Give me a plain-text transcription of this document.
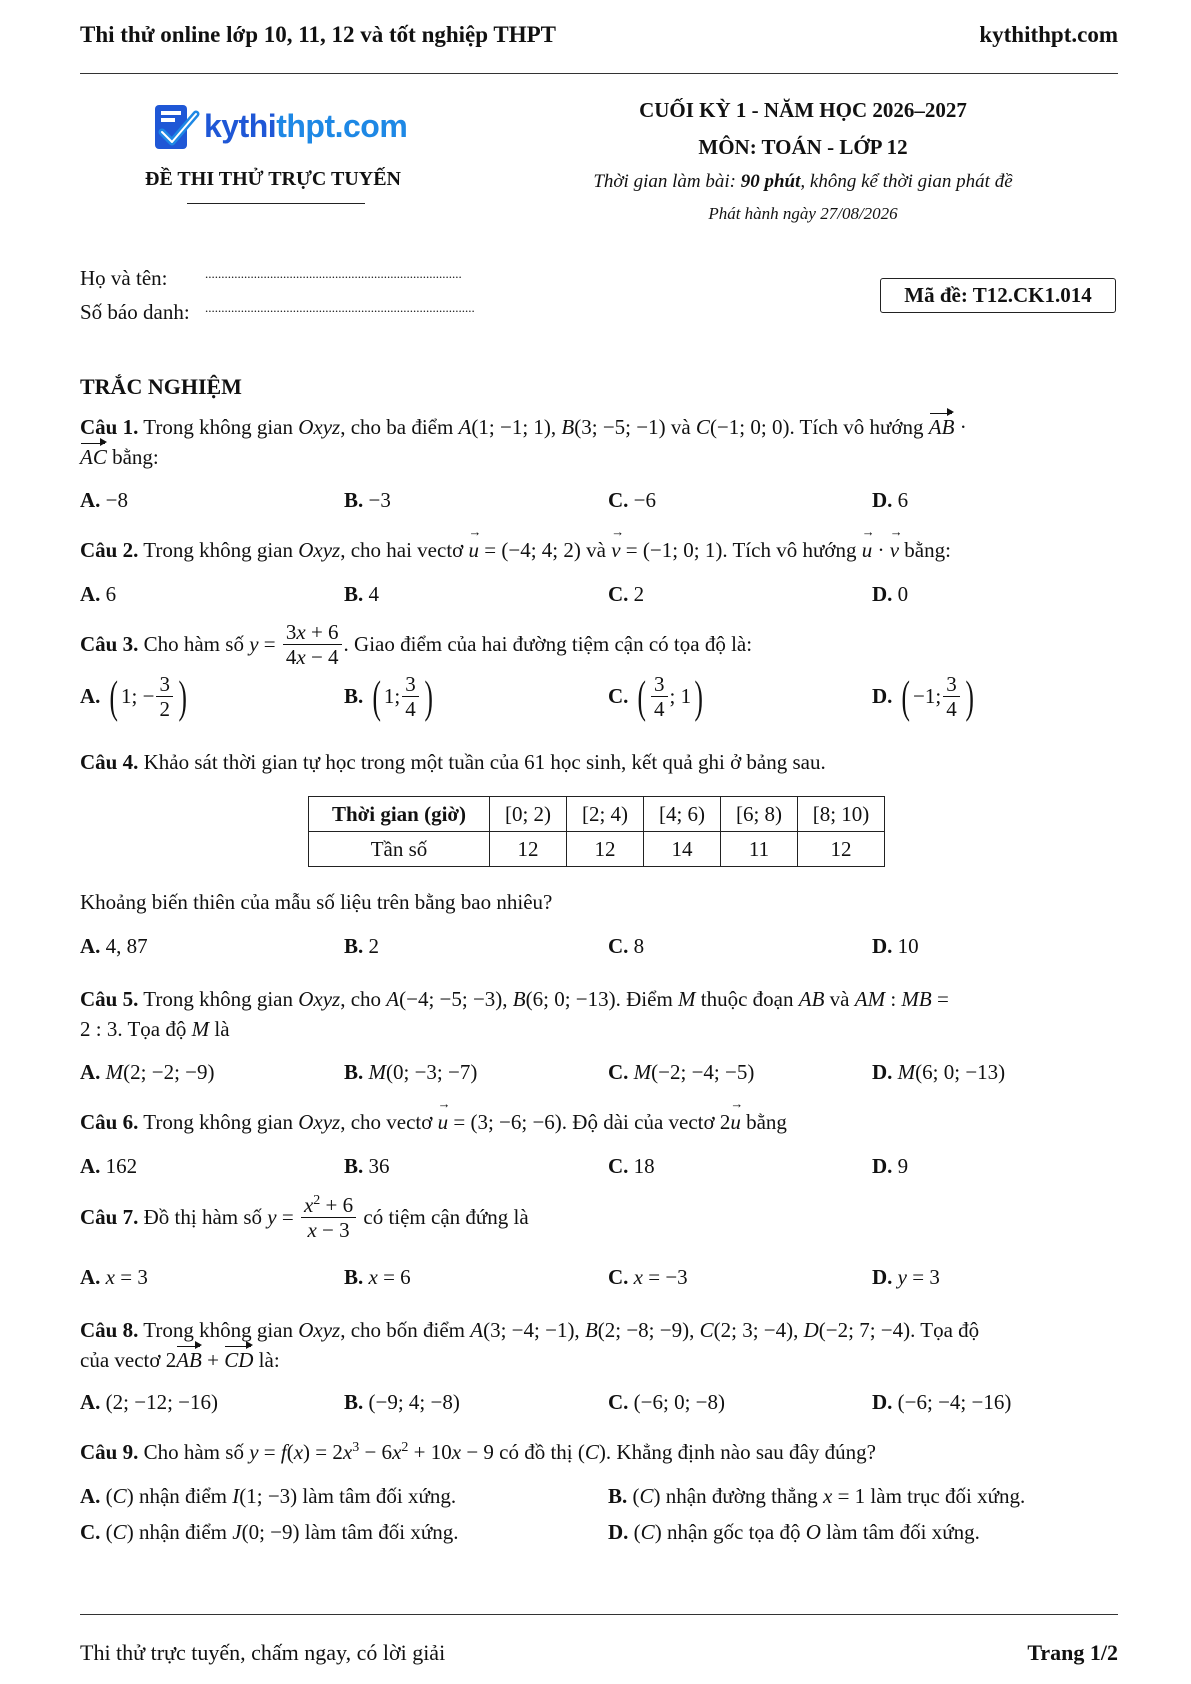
Thi thử online lớp 10, 11, 12 và tốt nghiệp THPT	kythithpt.com
kythithpt.com
ĐỀ THI THỬ TRỰC TUYẾN
CUỐI KỲ 1 - NĂM HỌC 2026–2027
MÔN: TOÁN - LỚP 12
Thời gian làm bài: 90 phút, không kể thời gian phát đề
Phát hành ngày 27/08/2026
Họ và tên:	...............................................................................
Số báo danh: ...................................................................................
Mã đề: T12.CK1.014
TRẮC NGHIỆM
Câu 1. Trong không gian Oxyz, cho ba điểm A(1; −1; 1), B(3; −5; −1) và C(−1; 0; 0). Tích vô hướng AB ·
AC bằng:
A. −8	B. −3	C. −6	D. 6
Câu 2. Trong không gian Oxyz, cho hai vectơ u → = (−4; 4; 2) và v → = (−1; 0; 1). Tích vô hướng u → · v → bằng:
A. 6	B. 4	C. 2	D. 0
Câu 3. Cho hàm số $y = \frac{3x + 6}{4x - 4}$ . Giao điểm của hai đường tiệm cận có tọa độ là:
A.
( 1; − $\frac{3}{2}$ )	B.
( 1; $\frac{3}{4}$ )	C.
( $\frac{3}{4}$ ; 1 )	D.
( −1; $\frac{3}{4}$ )
Câu 4. Khảo sát thời gian tự học trong một tuần của 61 học sinh, kết quả ghi ở bảng sau.
Thời gian (giờ)	[0; 2)	[2; 4)	[4; 6)	[6; 8)	[8; 10)
Tần số	12	12	14	11	12
Khoảng biến thiên của mẫu số liệu trên bằng bao nhiêu?
A. 4, 87	B. 2	C. 8	D. 10
Câu 5. Trong không gian Oxyz, cho A(−4; −5; −3), B(6; 0; −13). Điểm M thuộc đoạn AB và AM : MB =
2 : 3. Tọa độ M là
A. M(2; −2; −9)	B. M(0; −3; −7)	C. M(−2; −4; −5)	D. M(6; 0; −13)
Câu 6. Trong không gian Oxyz, cho vectơ u → = (3; −6; −6). Độ dài của vectơ 2u → bằng
A. 162	B. 36	C. 18	D. 9
Câu 7. Đồ thị hàm số $y = \frac{x^2 + 6}{x - 3}$ có tiệm cận đứng là
A. x = 3	B. x = 6	C. x = −3	D. y = 3
Câu 8. Trong không gian Oxyz, cho bốn điểm A(3; −4; −1), B(2; −8; −9), C(2; 3; −4), D(−2; 7; −4). Tọa độ
của vectơ 2AB + CD là:
A. (2; −12; −16)	B. (−9; 4; −8)	C. (−6; 0; −8)	D. (−6; −4; −16)
Câu 9. Cho hàm số $y = f(x) = 2x^3 - 6x^2 + 10x - 9$ có đồ thị (C). Khẳng định nào sau đây đúng?
A. (C) nhận điểm I(1; −3) làm tâm đối xứng.	B. (C) nhận đường thẳng x = 1 làm trục đối xứng.
C. (C) nhận điểm J(0; −9) làm tâm đối xứng.	D. (C) nhận gốc tọa độ O làm tâm đối xứng.
Thi thử trực tuyến, chấm ngay, có lời giải	Trang 1/2
